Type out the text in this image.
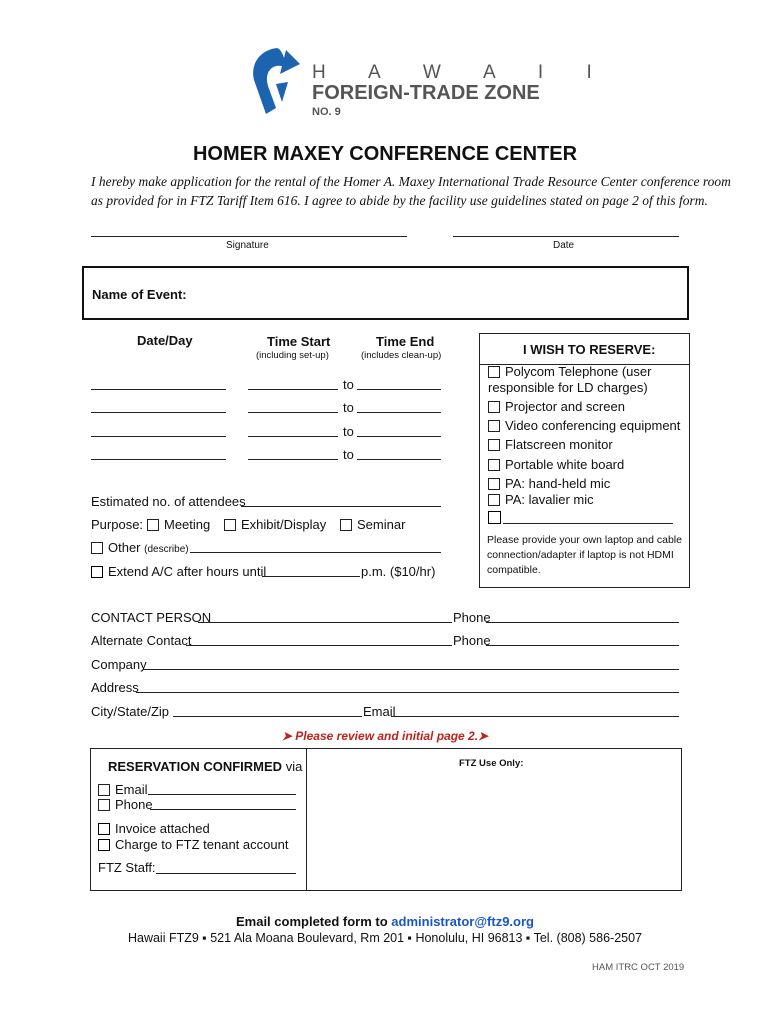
H A W A I I
FOREIGN-TRADE ZONE
NO. 9
HOMER MAXEY CONFERENCE CENTER
I hereby make application for the rental of the Homer A. Maxey International Trade Resource Center conference room
as provided for in FTZ Tariff Item 616. I agree to abide by the facility use guidelines stated on page 2 of this form.
Signature	Date
Name of Event:
Date/Day	Time Start
(including set-up)
Time End
(includes clean-up)
to
to
to
to
Estimated no. of attendees
Purpose:	Meeting	Exhibit/Display	Seminar
Other (describe)
Extend A/C after hours until	p.m. ($10/hr)
I WISH TO RESERVE:
Polycom Telephone (user responsible for LD charges)
Projector and screen
Video conferencing equipment
Flatscreen monitor
Portable white board
PA: hand-held mic
PA: lavalier mic
Please provide your own laptop and cable connection/adapter if laptop is not HDMI compatible.
CONTACT PERSON	Phone
Alternate Contact	Phone
Company
Address
City/State/Zip	Email
➤ Please review and initial page 2.➤
RESERVATION CONFIRMED via	FTZ Use Only:
Email
Phone
Invoice attached
Charge to FTZ tenant account
FTZ Staff:
Email completed form to administrator@ftz9.org
Hawaii FTZ9 ▪ 521 Ala Moana Boulevard, Rm 201 ▪ Honolulu, HI 96813 ▪ Tel. (808) 586-2507
HAM ITRC OCT 2019
